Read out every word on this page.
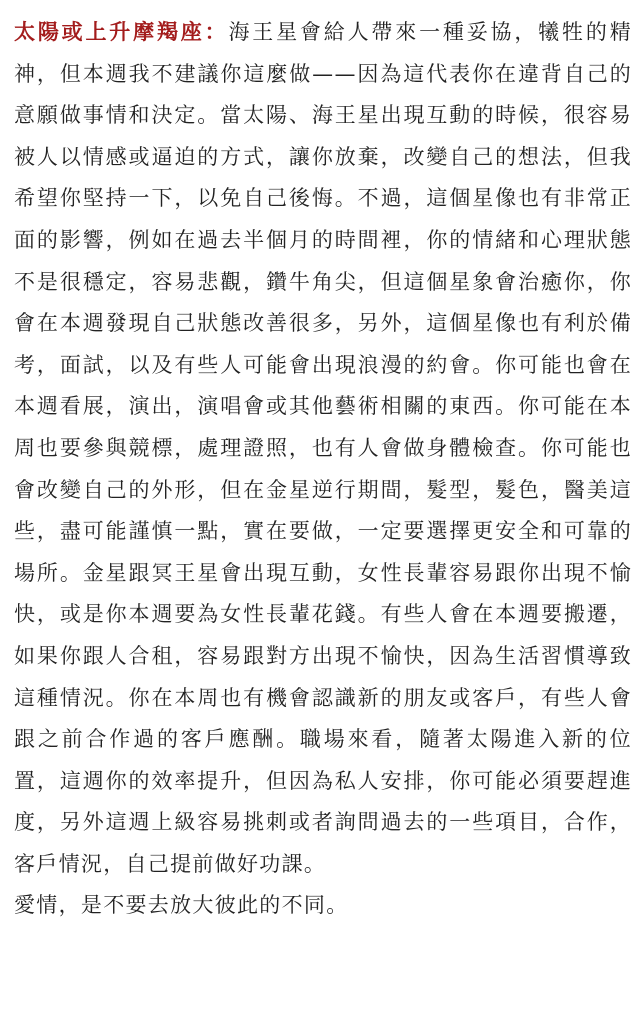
太陽或上升摩羯座：海王星會給人帶來一種妥協，犧牲的精神，但本週我不建議你這麼做——因為這代表你在違背自己的意願做事情和決定。當太陽、海王星出現互動的時候，很容易被人以情感或逼迫的方式，讓你放棄，改變自己的想法，但我希望你堅持一下，以免自己後悔。不過，這個星像也有非常正面的影響，例如在過去半個月的時間裡，你的情緒和心理狀態不是很穩定，容易悲觀，鑽牛角尖，但這個星象會治癒你，你會在本週發現自己狀態改善很多，另外，這個星像也有利於備考，面試，以及有些人可能會出現浪漫的約會。你可能也會在本週看展，演出，演唱會或其他藝術相關的東西。你可能在本周也要參與競標，處理證照，也有人會做身體檢查。你可能也會改變自己的外形，但在金星逆行期間，髮型，髮色，醫美這些，盡可能謹慎一點，實在要做，一定要選擇更安全和可靠的場所。金星跟冥王星會出現互動，女性長輩容易跟你出現不愉快，或是你本週要為女性長輩花錢。有些人會在本週要搬遷，如果你跟人合租，容易跟對方出現不愉快，因為生活習慣導致這種情況。你在本周也有機會認識新的朋友或客戶，有些人會跟之前合作過的客戶應酬。職場來看，隨著太陽進入新的位置，這週你的效率提升，但因為私人安排，你可能必須要趕進度，另外這週上級容易挑刺或者詢問過去的一些項目，合作，客戶情況，自己提前做好功課。

愛情，是不要去放大彼此的不同。
